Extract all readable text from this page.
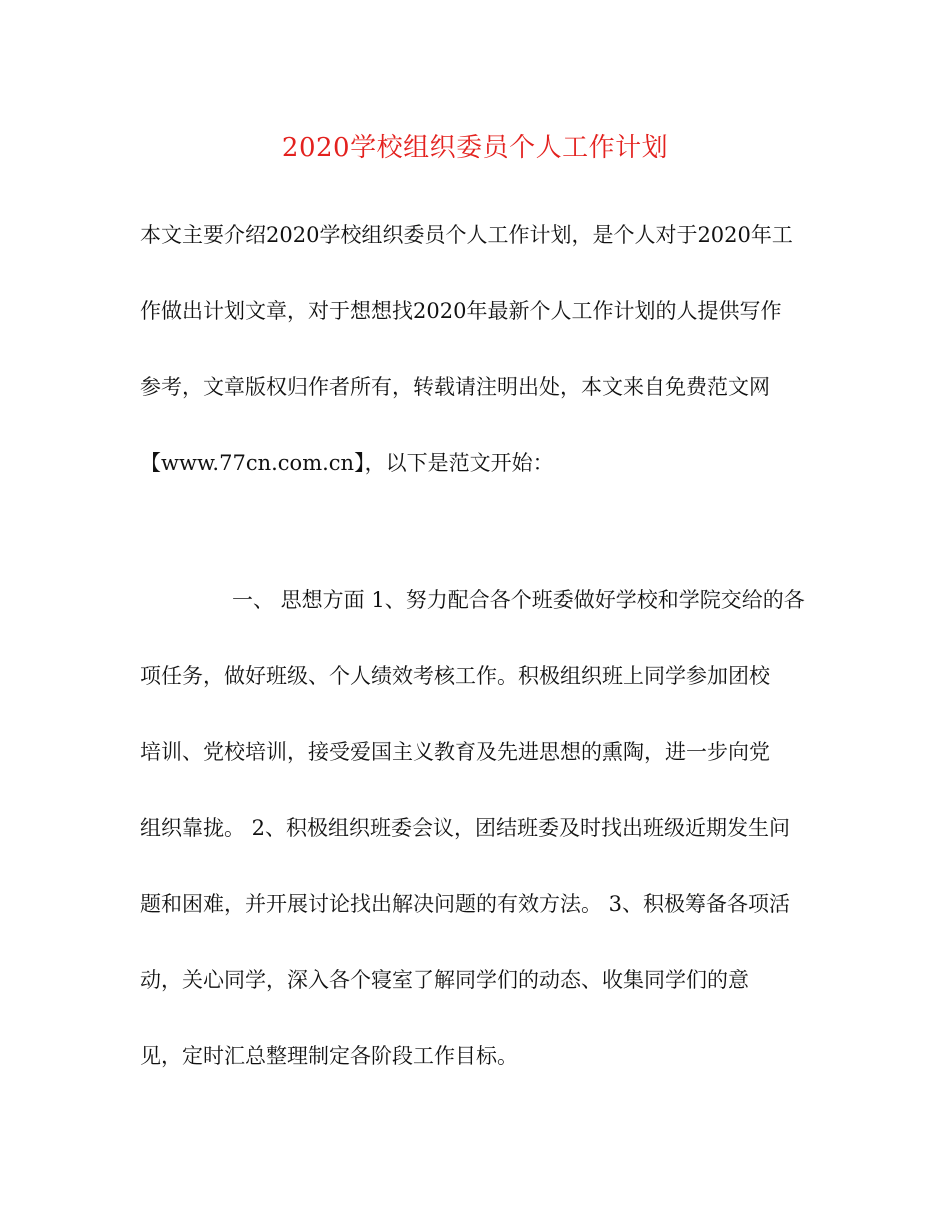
2020学校组织委员个人工作计划
本文主要介绍2020学校组织委员个人工作计划，是个人对于2020年工
作做出计划文章，对于想想找2020年最新个人工作计划的人提供写作
参考，文章版权归作者所有，转载请注明出处，本文来自免费范文网
【www.77cn.com.cn】，以下是范文开始：
　　一、 思想方面 1、努力配合各个班委做好学校和学院交给的各
项任务，做好班级、个人绩效考核工作。积极组织班上同学参加团校
培训、党校培训，接受爱国主义教育及先进思想的熏陶，进一步向党
组织靠拢。 2、积极组织班委会议，团结班委及时找出班级近期发生问
题和困难，并开展讨论找出解决问题的有效方法。 3、积极筹备各项活
动，关心同学，深入各个寝室了解同学们的动态、收集同学们的意
见，定时汇总整理制定各阶段工作目标。
